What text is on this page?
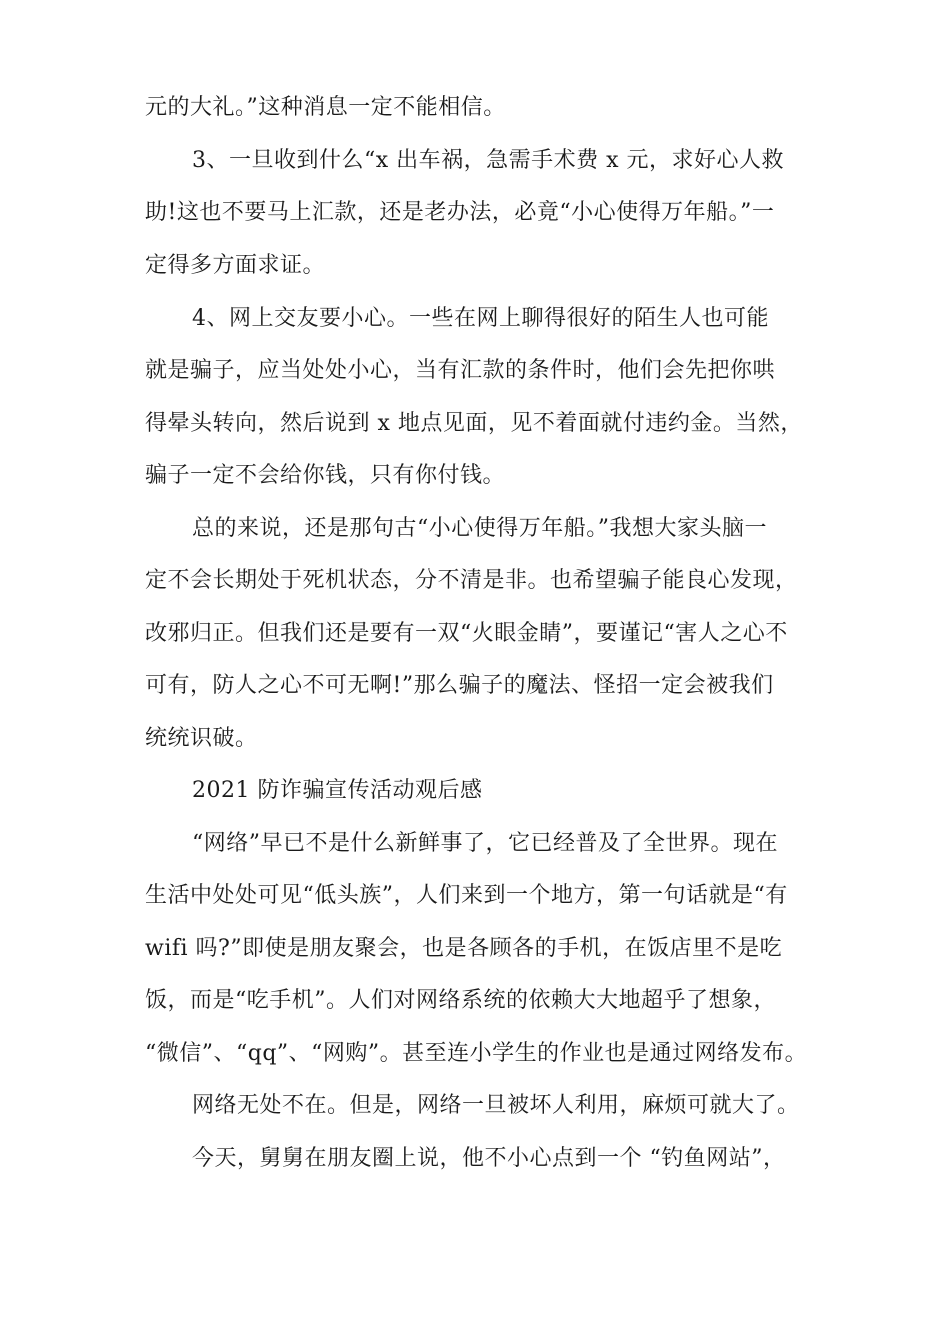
元的大礼。”这种消息一定不能相信。
3、一旦收到什么“x 出车祸，急需手术费 x 元，求好心人救
助!这也不要马上汇款，还是老办法，必竟“小心使得万年船。”一
定得多方面求证。
4、网上交友要小心。一些在网上聊得很好的陌生人也可能
就是骗子，应当处处小心，当有汇款的条件时，他们会先把你哄
得晕头转向，然后说到 x 地点见面，见不着面就付违约金。当然，
骗子一定不会给你钱，只有你付钱。
总的来说，还是那句古“小心使得万年船。”我想大家头脑一
定不会长期处于死机状态，分不清是非。也希望骗子能良心发现，
改邪归正。但我们还是要有一双“火眼金睛”，要谨记“害人之心不
可有，防人之心不可无啊!”那么骗子的魔法、怪招一定会被我们
统统识破。
2021 防诈骗宣传活动观后感
“网络”早已不是什么新鲜事了，它已经普及了全世界。现在
生活中处处可见“低头族”，人们来到一个地方，第一句话就是“有
wifi 吗?”即使是朋友聚会，也是各顾各的手机，在饭店里不是吃
饭，而是“吃手机”。人们对网络系统的依赖大大地超乎了想象，
“微信”、“qq”、“网购”。甚至连小学生的作业也是通过网络发布。
网络无处不在。但是，网络一旦被坏人利用，麻烦可就大了。
今天，舅舅在朋友圈上说，他不小心点到一个 “钓鱼网站”，
